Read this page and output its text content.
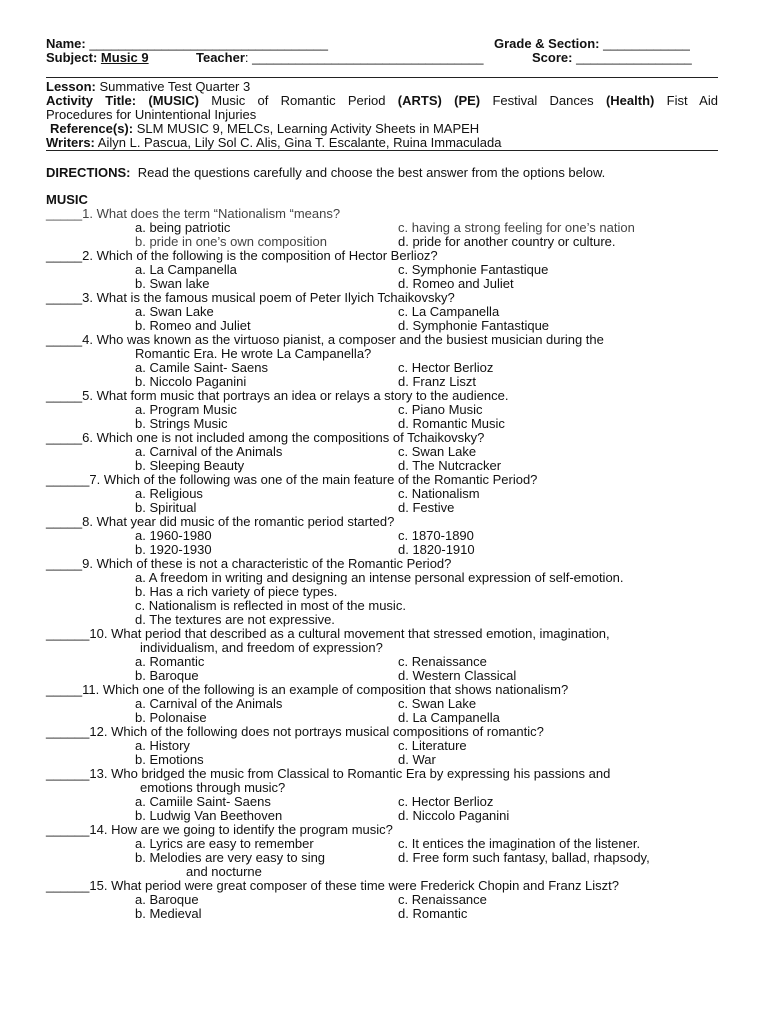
Name: _________________________________	Grade & Section: ____________
Subject: Music 9	Teacher: ________________________________	Score: ________________
Lesson: Summative Test Quarter 3
Activity Title: (MUSIC) Music of Romantic Period (ARTS) (PE) Festival Dances (Health) Fist Aid
Procedures for Unintentional Injuries
Reference(s): SLM MUSIC 9, MELCs, Learning Activity Sheets in MAPEH
Writers: Ailyn L. Pascua, Lily Sol C. Alis, Gina T. Escalante, Ruina Immaculada
DIRECTIONS: Read the questions carefully and choose the best answer from the options below.
MUSIC
_____1. What does the term “Nationalism “means?
a. being patriotic	c. having a strong feeling for one’s nation
b. pride in one’s own composition	d. pride for another country or culture.
_____2. Which of the following is the composition of Hector Berlioz?
a. La Campanella	c. Symphonie Fantastique
b. Swan lake	d. Romeo and Juliet
_____3. What is the famous musical poem of Peter Ilyich Tchaikovsky?
a. Swan Lake	c. La Campanella
b. Romeo and Juliet	d. Symphonie Fantastique
_____4. Who was known as the virtuoso pianist, a composer and the busiest musician during the
Romantic Era. He wrote La Campanella?
a. Camile Saint- Saens	c. Hector Berlioz
b. Niccolo Paganini	d. Franz Liszt
_____5. What form music that portrays an idea or relays a story to the audience.
a. Program Music	c. Piano Music
b. Strings Music	d. Romantic Music
_____6. Which one is not included among the compositions of Tchaikovsky?
a. Carnival of the Animals	c. Swan Lake
b. Sleeping Beauty	d. The Nutcracker
______7. Which of the following was one of the main feature of the Romantic Period?
a. Religious	c. Nationalism
b. Spiritual	d. Festive
_____8. What year did music of the romantic period started?
a. 1960-1980	c. 1870-1890
b. 1920-1930	d. 1820-1910
_____9. Which of these is not a characteristic of the Romantic Period?
a. A freedom in writing and designing an intense personal expression of self-emotion.
b. Has a rich variety of piece types.
c. Nationalism is reflected in most of the music.
d. The textures are not expressive.
______10. What period that described as a cultural movement that stressed emotion, imagination,
individualism, and freedom of expression?
a. Romantic	c. Renaissance
b. Baroque	d. Western Classical
_____11. Which one of the following is an example of composition that shows nationalism?
a. Carnival of the Animals	c. Swan Lake
b. Polonaise	d. La Campanella
______12. Which of the following does not portrays musical compositions of romantic?
a. History	c. Literature
b. Emotions	d. War
______13. Who bridged the music from Classical to Romantic Era by expressing his passions and
emotions through music?
a. Camiile Saint- Saens	c. Hector Berlioz
b. Ludwig Van Beethoven	d. Niccolo Paganini
______14. How are we going to identify the program music?
a. Lyrics are easy to remember	c. It entices the imagination of the listener.
b. Melodies are very easy to sing	d. Free form such fantasy, ballad, rhapsody,
and nocturne
______15. What period were great composer of these time were Frederick Chopin and Franz Liszt?
a. Baroque	c. Renaissance
b. Medieval	d. Romantic
